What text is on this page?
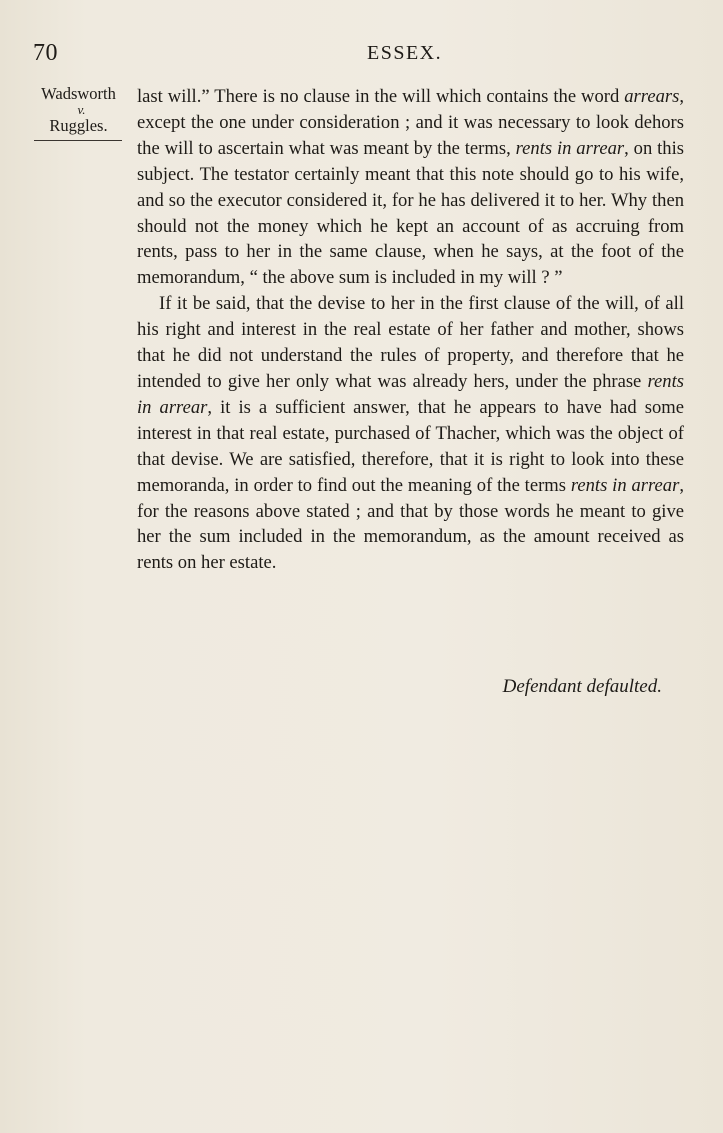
70	ESSEX.
Wadsworth
v.
Ruggles.

last will.” There is no clause in the will which contains the word arrears, except the one under consideration ; and it was necessary to look dehors the will to ascertain what was meant by the terms, rents in arrear, on this subject. The testator certainly meant that this note should go to his wife, and so the executor considered it, for he has delivered it to her. Why then should not the money which he kept an account of as accruing from rents, pass to her in the same clause, when he says, at the foot of the memorandum, “ the above sum is included in my will ? ”

If it be said, that the devise to her in the first clause of the will, of all his right and interest in the real estate of her father and mother, shows that he did not understand the rules of property, and therefore that he intended to give her only what was already hers, under the phrase rents in arrear, it is a sufficient answer, that he appears to have had some interest in that real estate, purchased of Thacher, which was the object of that devise. We are satisfied, therefore, that it is right to look into these memoranda, in order to find out the meaning of the terms rents in arrear, for the reasons above stated ; and that by those words he meant to give her the sum included in the memorandum, as the amount received as rents on her estate.

Defendant defaulted.
